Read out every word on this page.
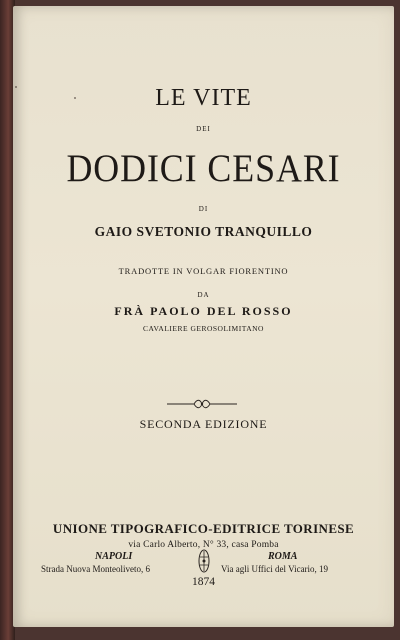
LE VITE
DEI
DODICI CESARI
DI
GAIO SVETONIO TRANQUILLO
TRADOTTE IN VOLGAR FIORENTINO
DA
FRÀ PAOLO DEL ROSSO
CAVALIERE GEROSOLIMITANO
SECONDA EDIZIONE
UNIONE TIPOGRAFICO-EDITRICE TORINESE
via Carlo Alberto, N° 33, casa Pomba
NAPOLI	ROMA
Strada Nuova Monteoliveto, 6	Via agli Uffici del Vicario, 19
1874
